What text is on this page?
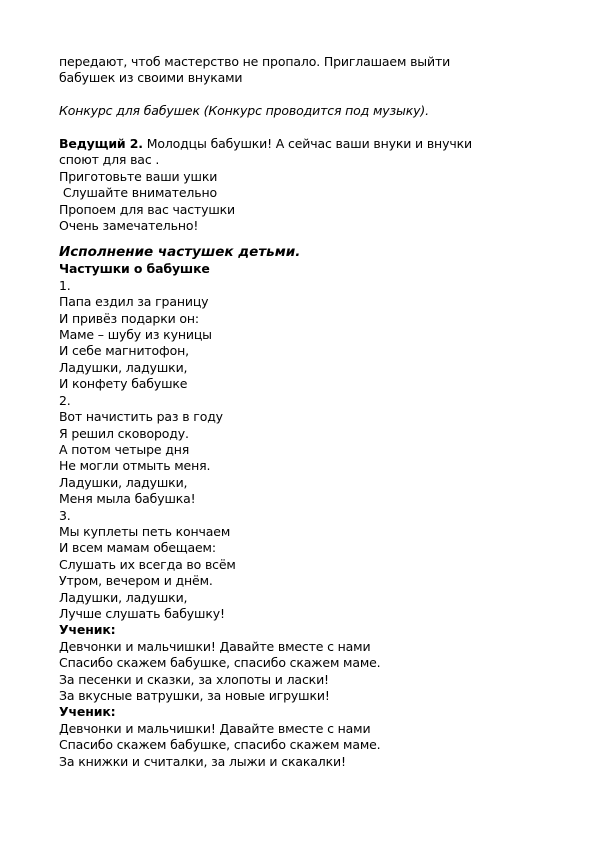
передают, чтоб мастерство не пропало. Приглашаем выйти
бабушек из своими внуками
Конкурс для бабушек (Конкурс проводится под музыку).
Ведущий 2. Молодцы бабушки! А сейчас ваши внуки и внучки
споют для вас .
Приготовьте ваши ушки
Слушайте внимательно
Пропоем для вас частушки
Очень замечательно!
Исполнение частушек детьми.
Частушки о бабушке
1.
Папа ездил за границу
И привёз подарки он:
Маме – шубу из куницы
И себе магнитофон,
Ладушки, ладушки,
И конфету бабушке
2.
Вот начистить раз в году
Я решил сковороду.
А потом четыре дня
Не могли отмыть меня.
Ладушки, ладушки,
Меня мыла бабушка!
3.
Мы куплеты петь кончаем
И всем мамам обещаем:
Слушать их всегда во всём
Утром, вечером и днём.
Ладушки, ладушки,
Лучше слушать бабушку!
Ученик:
Девчонки и мальчишки! Давайте вместе с нами
Спасибо скажем бабушке, спасибо скажем маме.
За песенки и сказки, за хлопоты и ласки!
За вкусные ватрушки, за новые игрушки!
Ученик:
Девчонки и мальчишки! Давайте вместе с нами
Спасибо скажем бабушке, спасибо скажем маме.
За книжки и считалки, за лыжи и скакалки!
